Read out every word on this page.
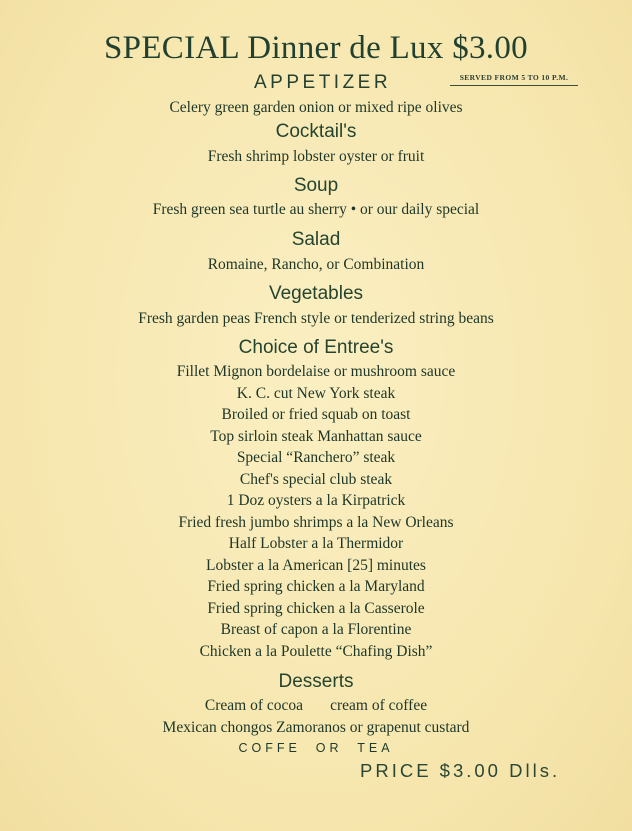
SPECIAL Dinner de Lux $3.00
APPETIZER	SERVED FROM 5 TO 10 P.M.
Celery green garden onion or mixed ripe olives
Cocktail's
Fresh shrimp lobster oyster or fruit
Soup
Fresh green sea turtle au sherry • or our daily special
Salad
Romaine, Rancho, or Combination
Vegetables
Fresh garden peas French style or tenderized string beans
Choice of Entree's
Fillet Mignon bordelaise or mushroom sauce
K. C. cut New York steak
Broiled or fried squab on toast
Top sirloin steak Manhattan sauce
Special “Ranchero” steak
Chef's special club steak
1 Doz oysters a la Kirpatrick
Fried fresh jumbo shrimps a la New Orleans
Half Lobster a la Thermidor
Lobster a la American [25] minutes
Fried spring chicken a la Maryland
Fried spring chicken a la Casserole
Breast of capon a la Florentine
Chicken a la Poulette “Chafing Dish”
Desserts
Cream of cocoa       cream of coffee
Mexican chongos Zamoranos or grapenut custard
COFFE  OR  TEA
PRICE $3.00 Dlls.
